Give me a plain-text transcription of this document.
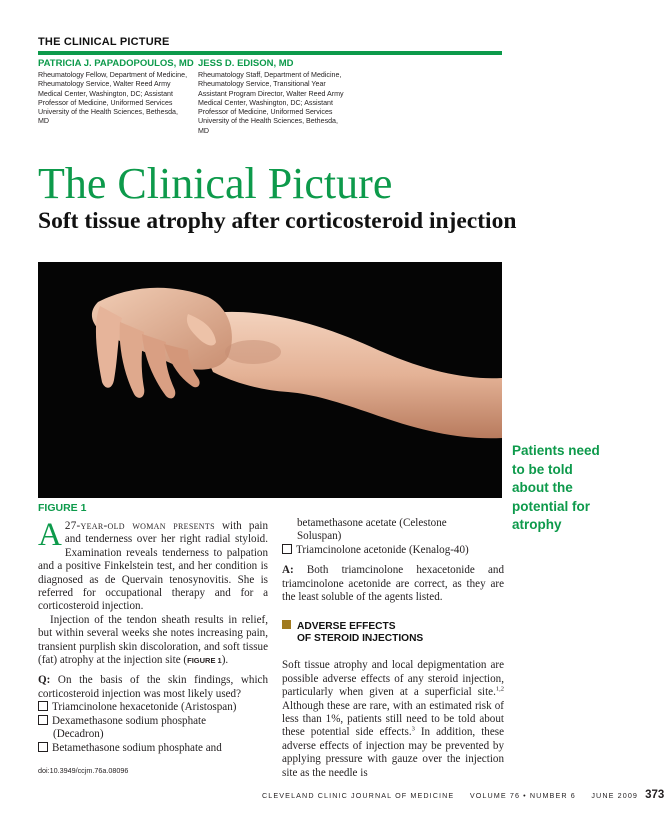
THE CLINICAL PICTURE
PATRICIA J. PAPADOPOULOS, MD
Rheumatology Fellow, Department of Medicine, Rheumatology Service, Walter Reed Army Medical Center, Washington, DC; Assistant Professor of Medicine, Uniformed Services University of the Health Sciences, Bethesda, MD
JESS D. EDISON, MD
Rheumatology Staff, Department of Medicine, Rheumatology Service, Transitional Year Assistant Program Director, Walter Reed Army Medical Center, Washington, DC; Assistant Professor of Medicine, Uniformed Services University of the Health Sciences, Bethesda, MD
The Clinical Picture
Soft tissue atrophy after corticosteroid injection
FIGURE 1
Patients need to be told about the potential for atrophy

A 27-year-old woman presents with pain and tenderness over her right radial styloid. Examination reveals tenderness to palpation and a positive Finkelstein test, and her condition is diagnosed as de Quervain tenosynovitis. She is referred for occupational therapy and for a corticosteroid injection.

Injection of the tendon sheath results in relief, but within several weeks she notes increasing pain, transient purplish skin discoloration, and soft tissue (fat) atrophy at the injection site (FIGURE 1).

Q: On the basis of the skin findings, which corticosteroid injection was most likely used?

Triamcinolone hexacetonide (Aristospan)

Dexamethasone sodium phosphate

(Decadron)

Betamethasone sodium phosphate and

betamethasone acetate (Celestone

Soluspan)

Triamcinolone acetonide (Kenalog-40)

A: Both triamcinolone hexacetonide and triamcinolone acetonide are correct, as they are the least soluble of the agents listed.

ADVERSE EFFECTS
OF STEROID INJECTIONS

Soft tissue atrophy and local depigmentation are possible adverse effects of any steroid injection, particularly when given at a superficial site.$^{1,2}$ Although these are rare, with an estimated risk of less than 1%, patients still need to be told about these potential side effects.$^3$ In addition, these adverse effects of injection may be prevented by applying pressure with gauze over the injection site as the needle is

doi:10.3949/ccjm.76a.08096
CLEVELAND CLINIC JOURNAL OF MEDICINE VOLUME 76 • NUMBER 6 JUNE 2009 373
